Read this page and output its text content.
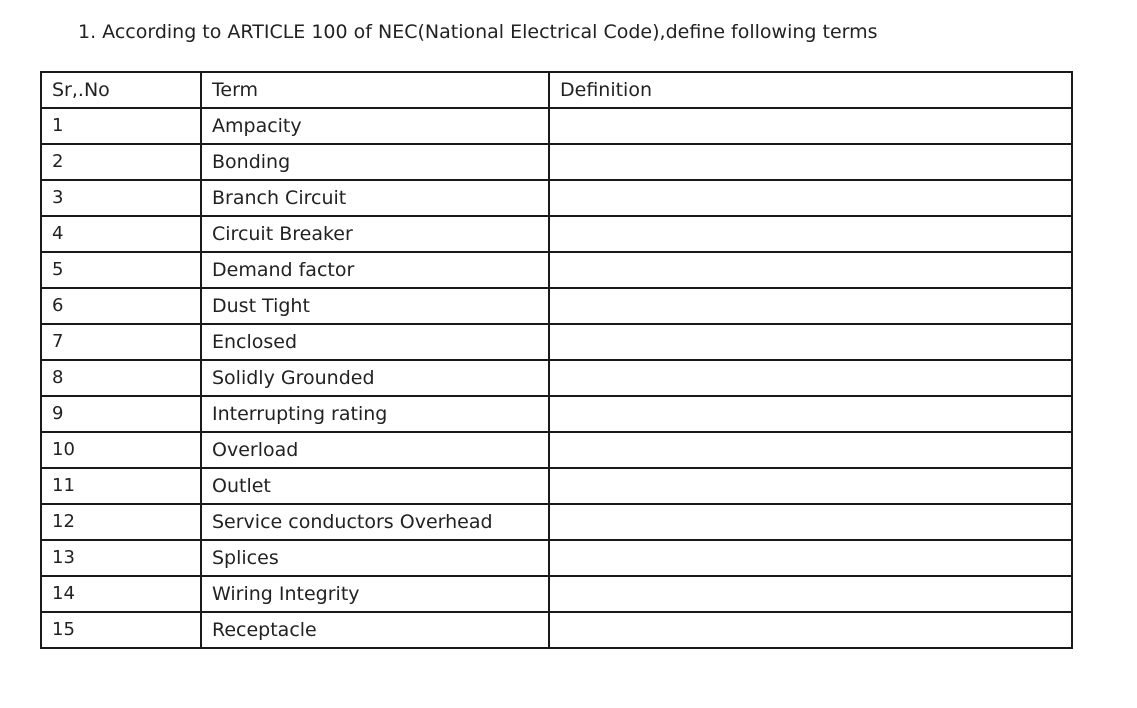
1. According to ARTICLE 100 of NEC(National Electrical Code),define following terms
Sr,.No	Term	Definition
1	Ampacity	
2	Bonding	
3	Branch Circuit	
4	Circuit Breaker	
5	Demand factor	
6	Dust Tight	
7	Enclosed	
8	Solidly Grounded	
9	Interrupting rating	
10	Overload	
11	Outlet	
12	Service conductors Overhead	
13	Splices	
14	Wiring Integrity	
15	Receptacle	
